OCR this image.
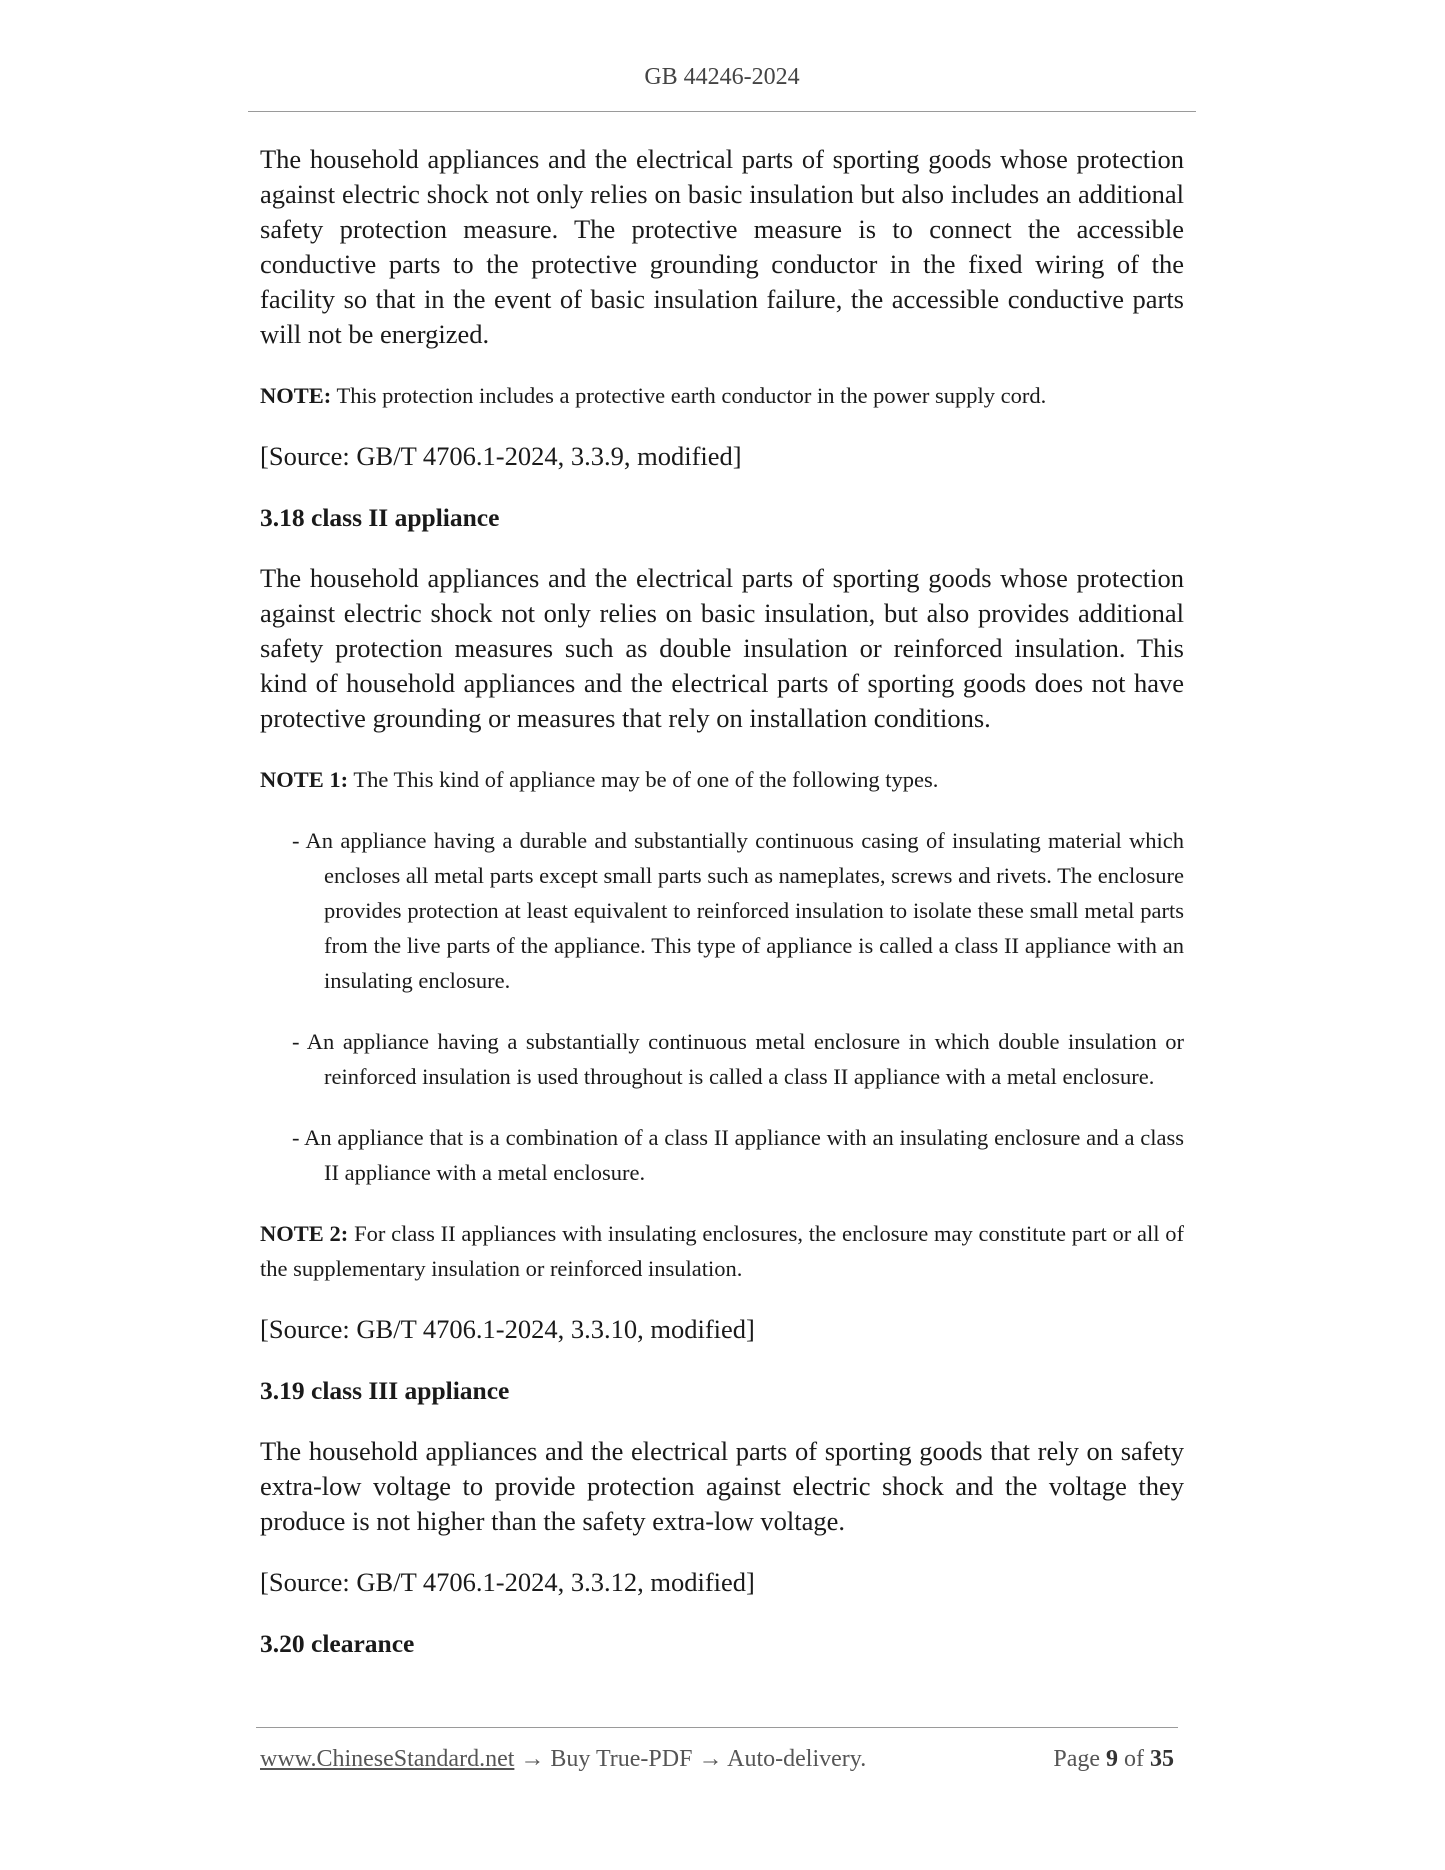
GB 44246-2024

The household appliances and the electrical parts of sporting goods whose protection against electric shock not only relies on basic insulation but also includes an additional safety protection measure. The protective measure is to connect the accessible conductive parts to the protective grounding conductor in the fixed wiring of the facility so that in the event of basic insulation failure, the accessible conductive parts will not be energized.

NOTE: This protection includes a protective earth conductor in the power supply cord.

[Source: GB/T 4706.1-2024, 3.3.9, modified]

3.18 class II appliance

The household appliances and the electrical parts of sporting goods whose protection against electric shock not only relies on basic insulation, but also provides additional safety protection measures such as double insulation or reinforced insulation. This kind of household appliances and the electrical parts of sporting goods does not have protective grounding or measures that rely on installation conditions.

NOTE 1: The This kind of appliance may be of one of the following types.

- An appliance having a durable and substantially continuous casing of insulating material which encloses all metal parts except small parts such as nameplates, screws and rivets. The enclosure provides protection at least equivalent to reinforced insulation to isolate these small metal parts from the live parts of the appliance. This type of appliance is called a class II appliance with an insulating enclosure.
- An appliance having a substantially continuous metal enclosure in which double insulation or reinforced insulation is used throughout is called a class II appliance with a metal enclosure.
- An appliance that is a combination of a class II appliance with an insulating enclosure and a class II appliance with a metal enclosure.

NOTE 2: For class II appliances with insulating enclosures, the enclosure may constitute part or all of the supplementary insulation or reinforced insulation.

[Source: GB/T 4706.1-2024, 3.3.10, modified]

3.19 class III appliance

The household appliances and the electrical parts of sporting goods that rely on safety extra-low voltage to provide protection against electric shock and the voltage they produce is not higher than the safety extra-low voltage.

[Source: GB/T 4706.1-2024, 3.3.12, modified]

3.20 clearance
www.ChineseStandard.net → Buy True-PDF → Auto-delivery.	Page 9 of 35
